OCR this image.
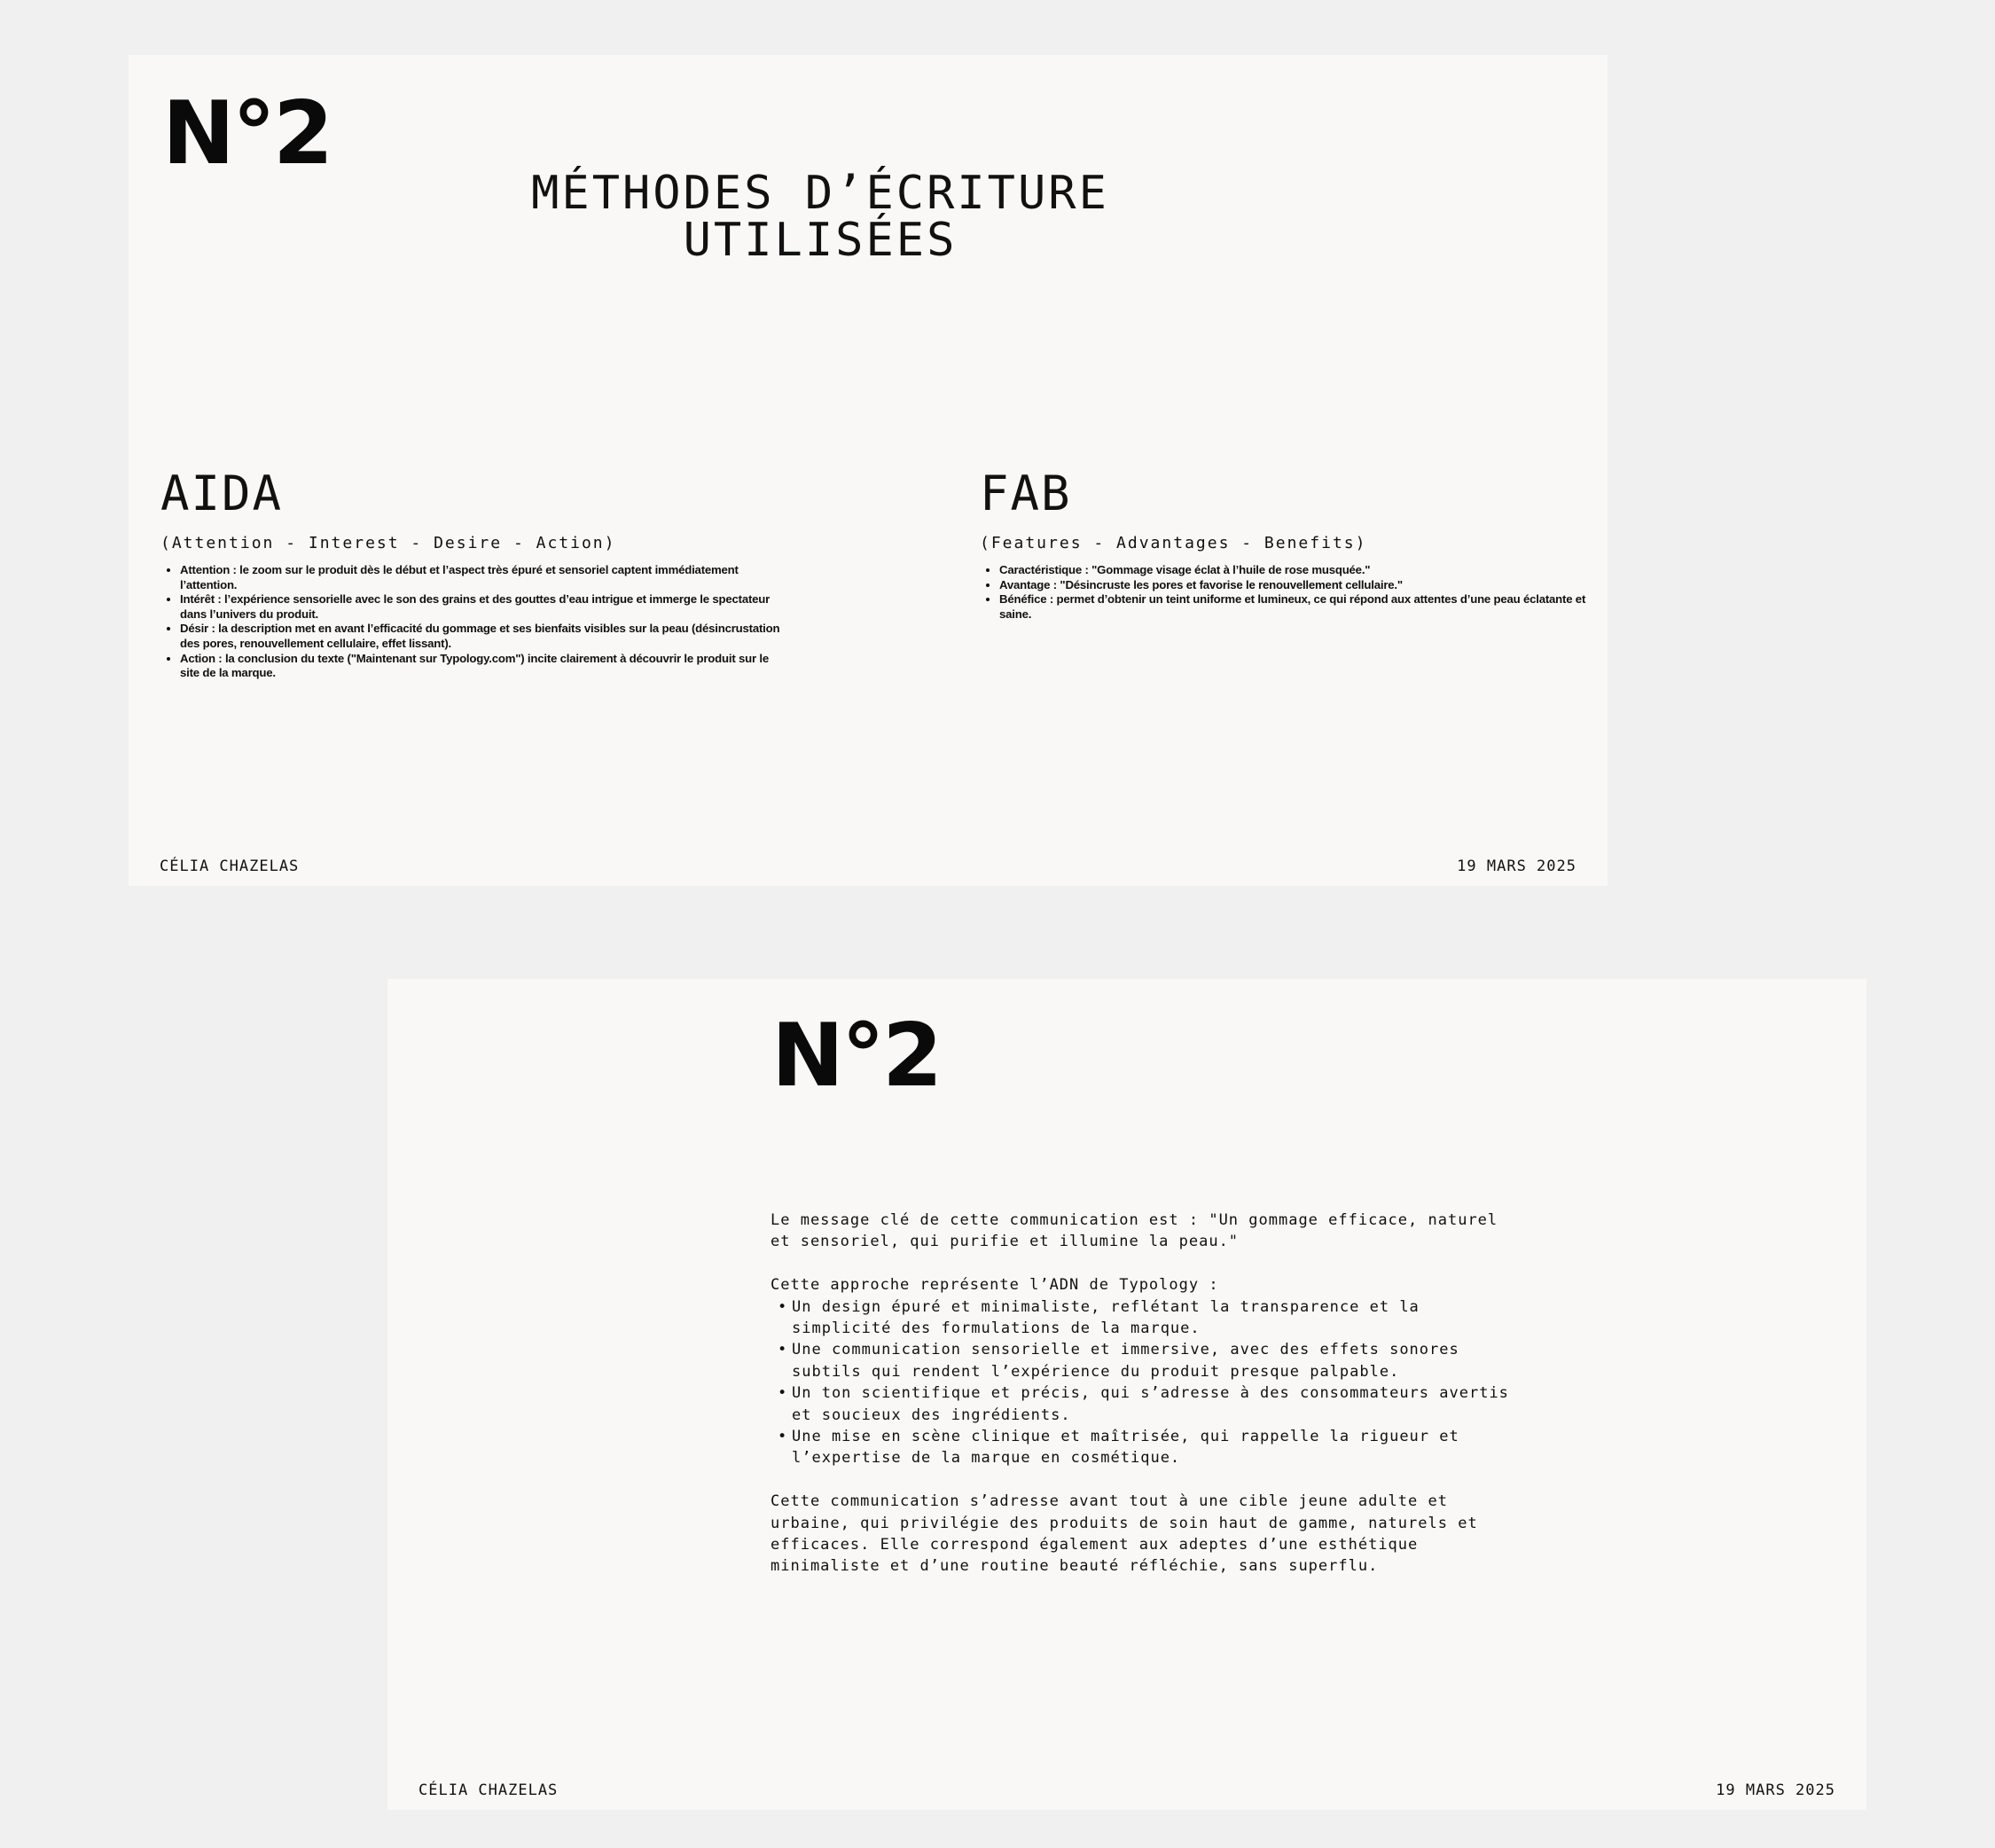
N°2
MÉTHODES D’ÉCRITURE
UTILISÉES
AIDA
(Attention - Interest - Desire - Action)
• Attention : le zoom sur le produit dès le début et l’aspect très épuré et sensoriel captent immédiatement l’attention.
• Intérêt : l’expérience sensorielle avec le son des grains et des gouttes d’eau intrigue et immerge le spectateur dans l’univers du produit.
• Désir : la description met en avant l’efficacité du gommage et ses bienfaits visibles sur la peau (désincrustation des pores, renouvellement cellulaire, effet lissant).
• Action : la conclusion du texte ("Maintenant sur Typology.com") incite clairement à découvrir le produit sur le site de la marque.
FAB
(Features - Advantages - Benefits)
• Caractéristique : "Gommage visage éclat à l’huile de rose musquée."
• Avantage : "Désincruste les pores et favorise le renouvellement cellulaire."
• Bénéfice : permet d’obtenir un teint uniforme et lumineux, ce qui répond aux attentes d’une peau éclatante et saine.
CÉLIA CHAZELAS	19 MARS 2025
N°2

Le message clé de cette communication est : "Un gommage efficace, naturel et sensoriel, qui purifie et illumine la peau."

Cette approche représente l’ADN de Typology :

• Un design épuré et minimaliste, reflétant la transparence et la simplicité des formulations de la marque.
• Une communication sensorielle et immersive, avec des effets sonores subtils qui rendent l’expérience du produit presque palpable.
• Un ton scientifique et précis, qui s’adresse à des consommateurs avertis et soucieux des ingrédients.
• Une mise en scène clinique et maîtrisée, qui rappelle la rigueur et l’expertise de la marque en cosmétique.

Cette communication s’adresse avant tout à une cible jeune adulte et urbaine, qui privilégie des produits de soin haut de gamme, naturels et efficaces. Elle correspond également aux adeptes d’une esthétique minimaliste et d’une routine beauté réfléchie, sans superflu.

CÉLIA CHAZELAS	19 MARS 2025
